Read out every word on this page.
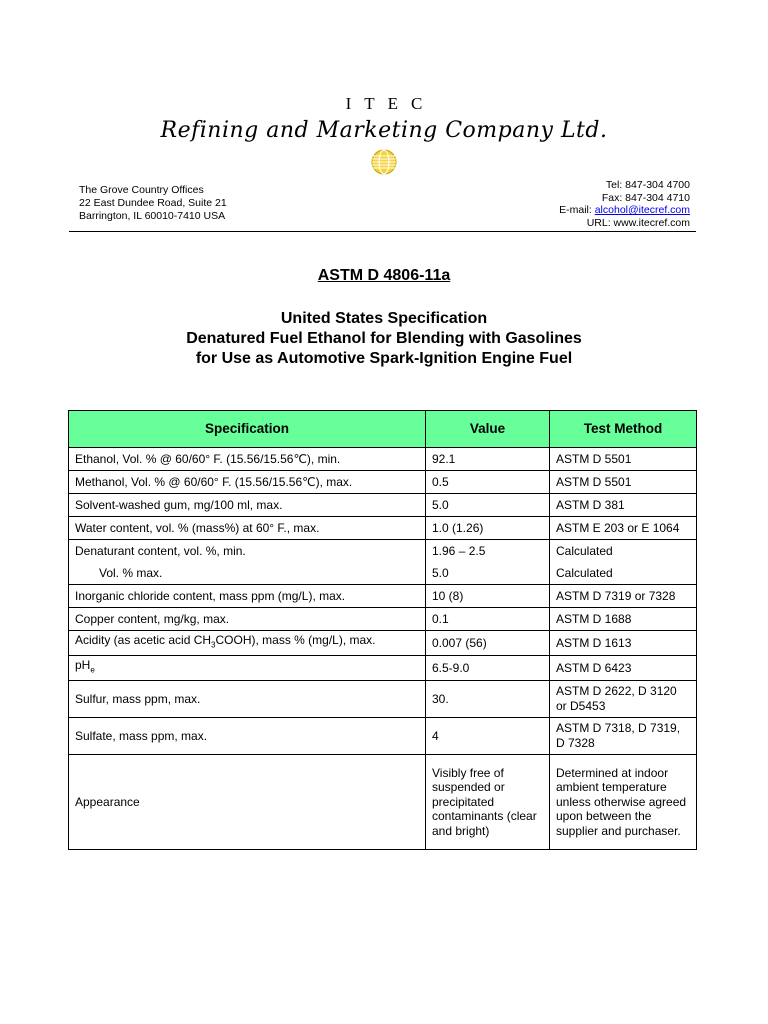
ITEC
Refining and Marketing Company Ltd.
The Grove Country Offices
22 East Dundee Road, Suite 21
Barrington, IL 60010-7410 USA
Tel: 847-304 4700
Fax: 847-304 4710
E-mail: alcohol@itecref.com
URL: www.itecref.com
ASTM D 4806-11a
United States Specification
Denatured Fuel Ethanol for Blending with Gasolines
for Use as Automotive Spark-Ignition Engine Fuel
Specification	Value	Test Method
Ethanol, Vol. % @ 60/60° F. (15.56/15.56℃), min.	92.1	ASTM D 5501
Methanol, Vol. % @ 60/60° F. (15.56/15.56℃), max.	0.5	ASTM D 5501
Solvent-washed gum, mg/100 ml, max.	5.0	ASTM D 381
Water content, vol. % (mass%) at 60° F., max.	1.0 (1.26)	ASTM E 203 or E 1064
Denaturant content, vol. %, min.	1.96 – 2.5	Calculated
Vol. % max.	5.0	Calculated
Inorganic chloride content, mass ppm (mg/L), max.	10 (8)	ASTM D 7319 or 7328
Copper content, mg/kg, max.	0.1	ASTM D 1688
Acidity (as acetic acid $CH_3COOH$), mass % (mg/L), max.	0.007 (56)	ASTM D 1613
$pH_e$	6.5-9.0	ASTM D 6423
Sulfur, mass ppm, max.	30.	ASTM D 2622, D 3120 or D5453
Sulfate, mass ppm, max.	4	ASTM D 7318, D 7319, D 7328
Appearance	Visibly free of suspended or precipitated contaminants (clear and bright)	Determined at indoor ambient temperature unless otherwise agreed upon between the supplier and purchaser.
